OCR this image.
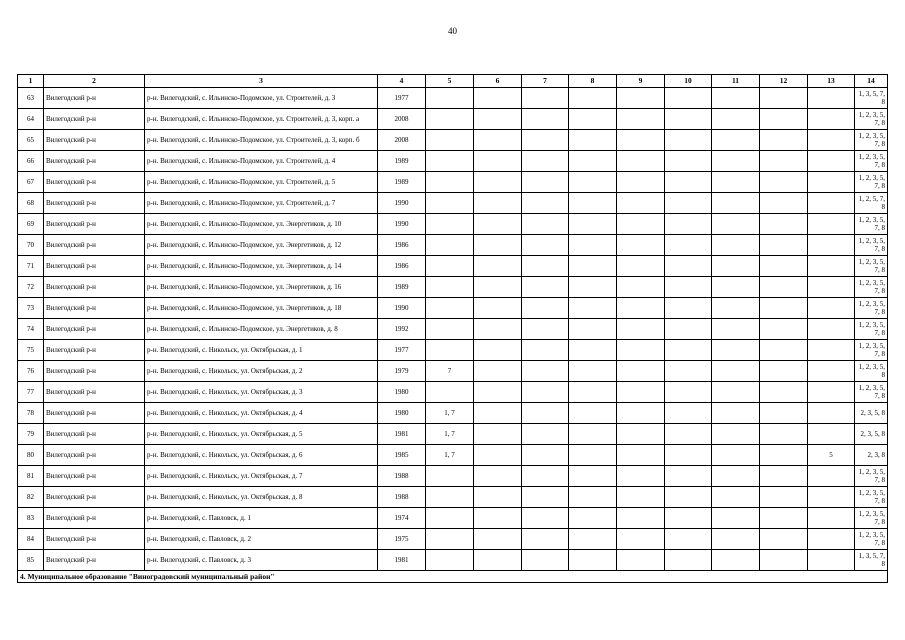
40
1	2	3	4	5	6	7	8	9	10	11	12	13	14
63	Вилегодский р-н	р-н. Вилегодский, с. Ильинско-Подомское, ул. Строителей, д. 3	1977										1, 3, 5, 7, 8
64	Вилегодский р-н	р-н. Вилегодский, с. Ильинско-Подомское, ул. Строителей, д. 3, корп. а	2008										1, 2, 3, 5, 7, 8
65	Вилегодский р-н	р-н. Вилегодский, с. Ильинско-Подомское, ул. Строителей, д. 3, корп. б	2008										1, 2, 3, 5, 7, 8
66	Вилегодский р-н	р-н. Вилегодский, с. Ильинско-Подомское, ул. Строителей, д. 4	1989										1, 2, 3, 5, 7, 8
67	Вилегодский р-н	р-н. Вилегодский, с. Ильинско-Подомское, ул. Строителей, д. 5	1989										1, 2, 3, 5, 7, 8
68	Вилегодский р-н	р-н. Вилегодский, с. Ильинско-Подомское, ул. Строителей, д. 7	1990										1, 2, 5, 7, 8
69	Вилегодский р-н	р-н. Вилегодский, с. Ильинско-Подомское, ул. Энергетиков, д. 10	1990										1, 2, 3, 5, 7, 8
70	Вилегодский р-н	р-н. Вилегодский, с. Ильинско-Подомское, ул. Энергетиков, д. 12	1986										1, 2, 3, 5, 7, 8
71	Вилегодский р-н	р-н. Вилегодский, с. Ильинско-Подомское, ул. Энергетиков, д. 14	1986										1, 2, 3, 5, 7, 8
72	Вилегодский р-н	р-н. Вилегодский, с. Ильинско-Подомское, ул. Энергетиков, д. 16	1989										1, 2, 3, 5, 7, 8
73	Вилегодский р-н	р-н. Вилегодский, с. Ильинско-Подомское, ул. Энергетиков, д. 18	1990										1, 2, 3, 5, 7, 8
74	Вилегодский р-н	р-н. Вилегодский, с. Ильинско-Подомское, ул. Энергетиков, д. 8	1992										1, 2, 3, 5, 7, 8
75	Вилегодский р-н	р-н. Вилегодский, с. Никольск, ул. Октябрьская, д. 1	1977										1, 2, 3, 5, 7, 8
76	Вилегодский р-н	р-н. Вилегодский, с. Никольск, ул. Октябрьская, д. 2	1979	7									1, 2, 3, 5, 8
77	Вилегодский р-н	р-н. Вилегодский, с. Никольск, ул. Октябрьская, д. 3	1980										1, 2, 3, 5, 7, 8
78	Вилегодский р-н	р-н. Вилегодский, с. Никольск, ул. Октябрьская, д. 4	1980	1, 7									2, 3, 5, 8
79	Вилегодский р-н	р-н. Вилегодский, с. Никольск, ул. Октябрьская, д. 5	1981	1, 7									2, 3, 5, 8
80	Вилегодский р-н	р-н. Вилегодский, с. Никольск, ул. Октябрьская, д. 6	1985	1, 7								5	2, 3, 8
81	Вилегодский р-н	р-н. Вилегодский, с. Никольск, ул. Октябрьская, д. 7	1988										1, 2, 3, 5, 7, 8
82	Вилегодский р-н	р-н. Вилегодский, с. Никольск, ул. Октябрьская, д. 8	1988										1, 2, 3, 5, 7, 8
83	Вилегодский р-н	р-н. Вилегодский, с. Павловск, д. 1	1974										1, 2, 3, 5, 7, 8
84	Вилегодский р-н	р-н. Вилегодский, с. Павловск, д. 2	1975										1, 2, 3, 5, 7, 8
85	Вилегодский р-н	р-н. Вилегодский, с. Павловск, д. 3	1981										1, 3, 5, 7, 8
4. Муниципальное образование "Виноградовский муниципальный район"													
